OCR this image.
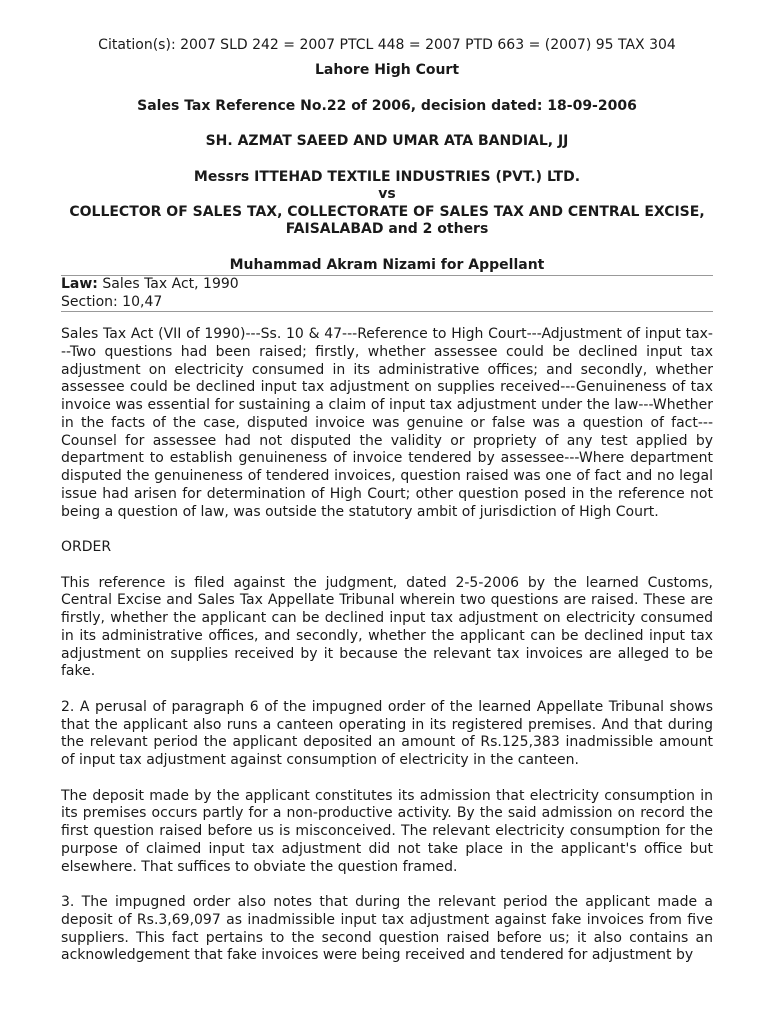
Citation(s): 2007 SLD 242 = 2007 PTCL 448 = 2007 PTD 663 = (2007) 95 TAX 304
Lahore High Court
Sales Tax Reference No.22 of 2006, decision dated: 18-09-2006
SH. AZMAT SAEED AND UMAR ATA BANDIAL, JJ
Messrs ITTEHAD TEXTILE INDUSTRIES (PVT.) LTD.
vs
COLLECTOR OF SALES TAX, COLLECTORATE OF SALES TAX AND CENTRAL EXCISE, FAISALABAD and 2 others
Muhammad Akram Nizami for Appellant
Law: Sales Tax Act, 1990
Section: 10,47

Sales Tax Act (VII of 1990)---Ss. 10 & 47---Reference to High Court---Adjustment of input tax---Two questions had been raised; firstly, whether assessee could be declined input tax adjustment on electricity consumed in its administrative offices; and secondly, whether assessee could be declined input tax adjustment on supplies received---Genuineness of tax invoice was essential for sustaining a claim of input tax adjustment under the law---Whether in the facts of the case, disputed invoice was genuine or false was a question of fact---Counsel for assessee had not disputed the validity or propriety of any test applied by department to establish genuineness of invoice tendered by assessee---Where department disputed the genuineness of tendered invoices, question raised was one of fact and no legal issue had arisen for determination of High Court; other question posed in the reference not being a question of law, was outside the statutory ambit of jurisdiction of High Court.

ORDER

This reference is filed against the judgment, dated 2-5-2006 by the learned Customs, Central Excise and Sales Tax Appellate Tribunal wherein two questions are raised. These are firstly, whether the applicant can be declined input tax adjustment on electricity consumed in its administrative offices, and secondly, whether the applicant can be declined input tax adjustment on supplies received by it because the relevant tax invoices are alleged to be fake.

2. A perusal of paragraph 6 of the impugned order of the learned Appellate Tribunal shows that the applicant also runs a canteen operating in its registered premises. And that during the relevant period the applicant deposited an amount of Rs.125,383 inadmissible amount of input tax adjustment against consumption of electricity in the canteen.

The deposit made by the applicant constitutes its admission that electricity consumption in its premises occurs partly for a non-productive activity. By the said admission on record the first question raised before us is misconceived. The relevant electricity consumption for the purpose of claimed input tax adjustment did not take place in the applicant's office but elsewhere. That suffices to obviate the question framed.

3. The impugned order also notes that during the relevant period the applicant made a deposit of Rs.3,69,097 as inadmissible input tax adjustment against fake invoices from five suppliers. This fact pertains to the second question raised before us; it also contains an acknowledgement that fake invoices were being received and tendered for adjustment by
